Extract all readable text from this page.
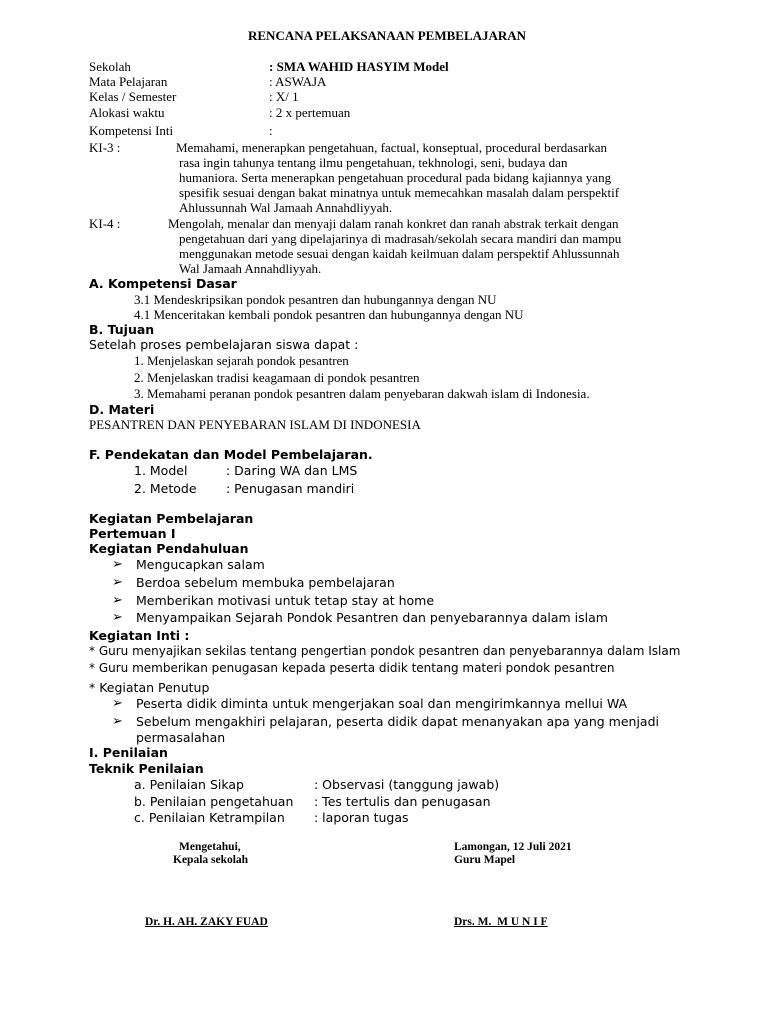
RENCANA PELAKSANAAN PEMBELAJARAN
Sekolah	: SMA WAHID HASYIM Model
Mata Pelajaran	: ASWAJA
Kelas / Semester	: X/ 1
Alokasi waktu	: 2 x pertemuan
Kompetensi Inti	:
KI-3 :	Memahami, menerapkan pengetahuan, factual, konseptual, procedural berdasarkan
rasa ingin tahunya tentang ilmu pengetahuan, tekhnologi, seni, budaya dan
humaniora. Serta menerapkan pengetahuan procedural pada bidang kajiannya yang
spesifik sesuai dengan bakat minatnya untuk memecahkan masalah dalam perspektif
Ahlussunnah Wal Jamaah Annahdliyyah.
KI-4 :	Mengolah, menalar dan menyaji dalam ranah konkret dan ranah abstrak terkait dengan
pengetahuan dari yang dipelajarinya di madrasah/sekolah secara mandiri dan mampu
menggunakan metode sesuai dengan kaidah keilmuan dalam perspektif Ahlussunnah
Wal Jamaah Annahdliyyah.
A. Kompetensi Dasar
3.1 Mendeskripsikan pondok pesantren dan hubungannya dengan NU
4.1 Menceritakan kembali pondok pesantren dan hubungannya dengan NU
B. Tujuan
Setelah proses pembelajaran siswa dapat :
1. Menjelaskan sejarah pondok pesantren
2. Menjelaskan tradisi keagamaan di pondok pesantren
3. Memahami peranan pondok pesantren dalam penyebaran dakwah islam di Indonesia.
D. Materi
PESANTREN DAN PENYEBARAN ISLAM DI INDONESIA
F. Pendekatan dan Model Pembelajaran.
1. Model	: Daring WA dan LMS
2. Metode : Penugasan mandiri
Kegiatan Pembelajaran
Pertemuan I
Kegiatan Pendahuluan
➢ Mengucapkan salam
➢ Berdoa sebelum membuka pembelajaran
➢ Memberikan motivasi untuk tetap stay at home
➢ Menyampaikan Sejarah Pondok Pesantren dan penyebarannya dalam islam
Kegiatan Inti :
* Guru menyajikan sekilas tentang pengertian pondok pesantren dan penyebarannya dalam Islam
* Guru memberikan penugasan kepada peserta didik tentang materi pondok pesantren
* Kegiatan Penutup
➢ Peserta didik diminta untuk mengerjakan soal dan mengirimkannya mellui WA
➢ Sebelum mengakhiri pelajaran, peserta didik dapat menanyakan apa yang menjadi
permasalahan
I. Penilaian
Teknik Penilaian
a. Penilaian Sikap	: Observasi (tanggung jawab)
b. Penilaian pengetahuan : Tes tertulis dan penugasan
c. Penilaian Ketrampilan : laporan tugas
Mengetahui,
Kepala sekolah
Lamongan, 12 Juli 2021
Guru Mapel
Dr. H. AH. ZAKY FUAD	Drs. M.  M U N I F
